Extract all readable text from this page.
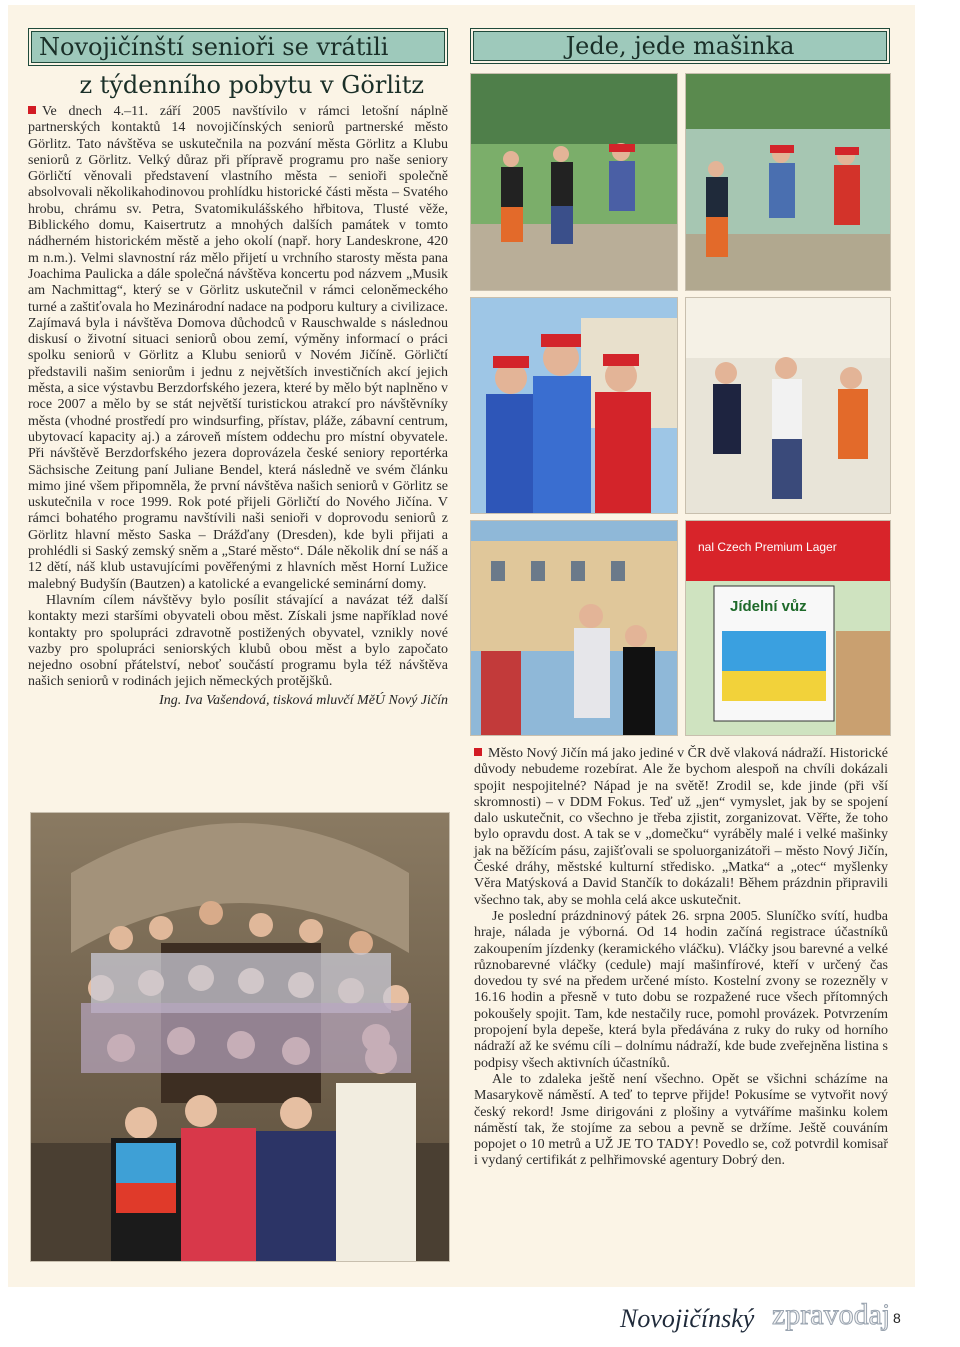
Novojičínští senioři se vrátili
z týdenního pobytu v Görlitz

Ve dnech 4.–11. září 2005 navštívilo v rámci letošní náplně partnerských kontaktů 14 novojičínských seniorů partnerské město Görlitz. Tato návštěva se uskutečnila na pozvání města Görlitz a Klubu seniorů z Görlitz. Velký důraz při přípravě programu pro naše seniory Görličtí věnovali představení vlastního města – senioři společně absolvovali několikahodinovou prohlídku historické části města – Svatého hrobu, chrámu sv. Petra, Svatomikulášského hřbitova, Tlusté věže, Biblického domu, Kaisertrutz a mnohých dalších památek v tomto nádherném historickém městě a jeho okolí (např. hory Landeskrone, 420 m n.m.). Velmi slavnostní ráz mělo přijetí u vrchního starosty města pana Joachima Paulicka a dále společná návštěva koncertu pod názvem „Musik am Nachmittag“, který se v Görlitz uskutečnil v rámci celoněmeckého turné a zaštiťovala ho Mezinárodní nadace na podporu kultury a civilizace. Zajímavá byla i návštěva Domova důchodců v Rauschwalde s následnou diskusí o životní situaci seniorů obou zemí, výměny informací o práci spolku seniorů v Görlitz a Klubu seniorů v Novém Jičíně. Görličtí představili našim seniorům i jednu z největších investičních akcí jejich města, a sice výstavbu Berzdorfského jezera, které by mělo být naplněno v roce 2007 a mělo by se stát největší turistickou atrakcí pro návštěvníky města (vhodné prostředí pro windsurfing, přístav, pláže, zábavní centrum, ubytovací kapacity aj.) a zároveň místem oddechu pro místní obyvatele. Při návštěvě Berzdorfského jezera doprovázela české seniory reportérka Sächsische Zeitung paní Juliane Bendel, která následně ve svém článku mimo jiné všem připomněla, že první návštěva našich seniorů v Görlitz se uskutečnila v roce 1999. Rok poté přijeli Görličtí do Nového Jičína. V rámci bohatého programu navštívili naši senioři v doprovodu seniorů z Görlitz hlavní město Saska – Drážďany (Dresden), kde byli přijati a prohlédli si Saský zemský sněm a „Staré město“. Dále několik dní se náš a 12 dětí, náš klub ustavujícími pověřenými z hlavních měst Horní Lužice malebný Budyšín (Bautzen) a katolické a evangelické seminární domy.

Hlavním cílem návštěvy bylo posílit stávající a navázat též další kontakty mezi staršími obyvateli obou měst. Získali jsme například nové kontakty pro spolupráci zdravotně postižených obyvatel, vznikly nové vazby pro spolupráci seniorských klubů obou měst a bylo započato nejedno osobní přátelství, neboť součástí programu byla též návštěva našich seniorů v rodinách jejich německých protějšků.

Ing. Iva Vašendová, tisková mluvčí MěÚ Nový Jičín
Jede, jede mašinka
nal Czech Premium Lager
Jídelní vůz

Město Nový Jičín má jako jediné v ČR dvě vlaková nádraží. Historické důvody nebudeme rozebírat. Ale že bychom alespoň na chvíli dokázali spojit nespojitelné? Nápad je na světě! Zrodil se, kde jinde (při vší skromnosti) – v DDM Fokus. Teď už „jen“ vymyslet, jak by se spojení dalo uskutečnit, co všechno je třeba zjistit, zorganizovat. Věřte, že toho bylo opravdu dost. A tak se v „domečku“ vyráběly malé i velké mašinky jak na běžícím pásu, zajišťovali se spoluorganizátoři – město Nový Jičín, České dráhy, městské kulturní středisko. „Matka“ a „otec“ myšlenky Věra Matýsková a David Stančík to dokázali! Během prázdnin připravili všechno tak, aby se mohla celá akce uskutečnit.

Je poslední prázdninový pátek 26. srpna 2005. Sluníčko svítí, hudba hraje, nálada je výborná. Od 14 hodin začíná registrace účastníků zakoupením jízdenky (keramického vláčku). Vláčky jsou barevné a velké různobarevné vláčky (cedule) mají mašinfírové, kteří v určený čas dovedou ty své na předem určené místo. Kostelní zvony se rozezněly v 16.16 hodin a přesně v tuto dobu se rozpažené ruce všech přítomných pokoušely spojit. Tam, kde nestačily ruce, pomohl provázek. Potvrzením propojení byla depeše, která byla předávána z ruky do ruky od horního nádraží až ke svému cíli – dolnímu nádraží, kde bude zveřejněna listina s podpisy všech aktivních účastníků.

Ale to zdaleka ještě není všechno. Opět se všichni scházíme na Masarykově náměstí. A teď to teprve přijde! Pokusíme se vytvořit nový český rekord! Jsme dirigováni z plošiny a vytváříme mašinku kolem náměstí tak, že stojíme za sebou a pevně se držíme. Ještě couváním popojet o 10 metrů a UŽ JE TO TADY! Povedlo se, což potvrdil komisař i vydaný certifikát z pelhřimovské agentury Dobrý den.

Novojičínský zpravodaj 8
